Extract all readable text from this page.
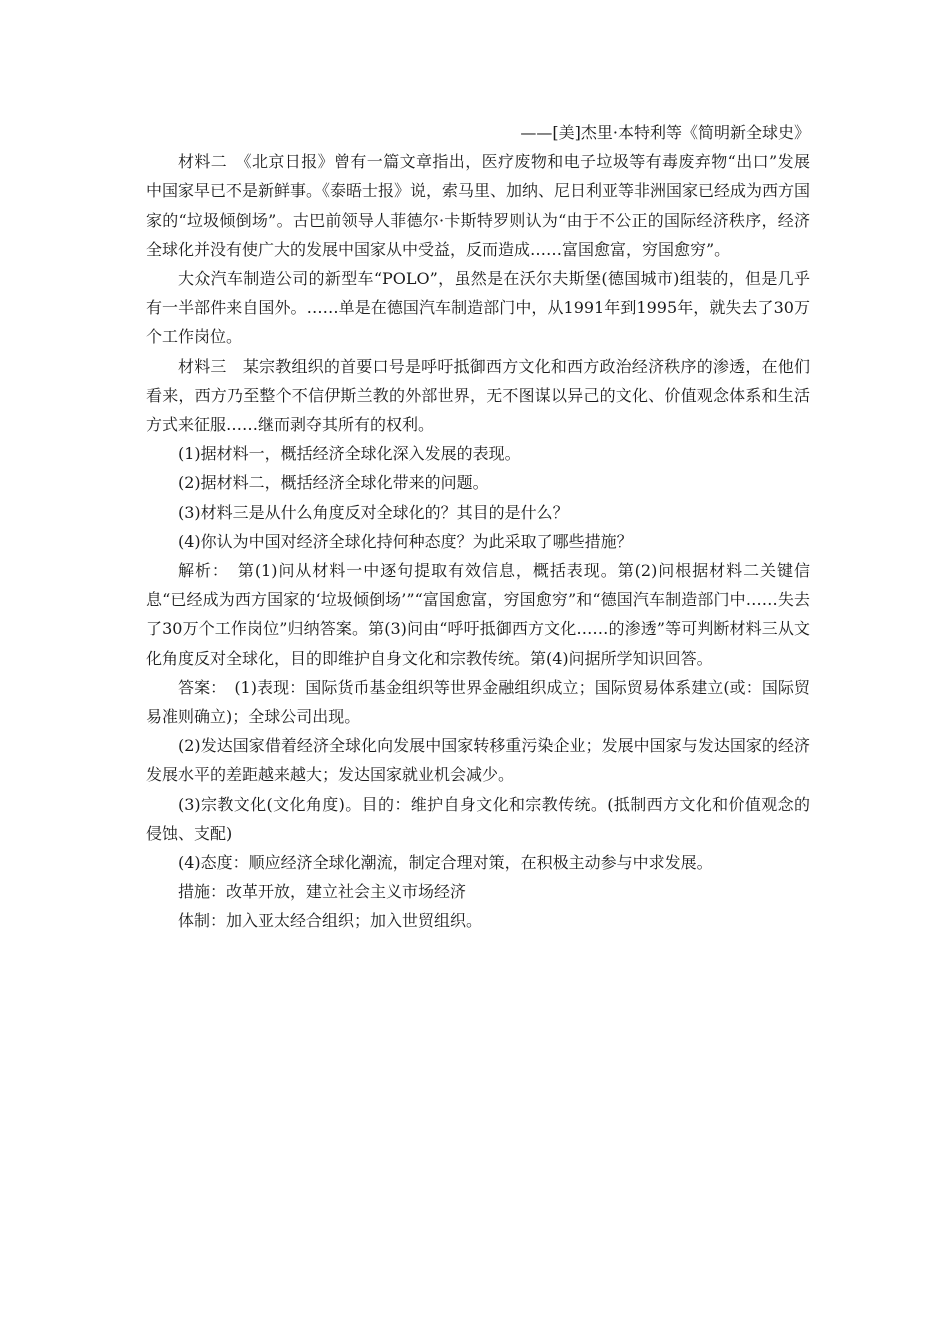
——[美]杰里·本特利等《简明新全球史》

材料二　《北京日报》曾有一篇文章指出，医疗废物和电子垃圾等有毒废弃物“出口”发展中国家早已不是新鲜事。《泰晤士报》说，索马里、加纳、尼日利亚等非洲国家已经成为西方国家的“垃圾倾倒场”。古巴前领导人菲德尔·卡斯特罗则认为“由于不公正的国际经济秩序，经济全球化并没有使广大的发展中国家从中受益，反而造成……富国愈富，穷国愈穷”。

大众汽车制造公司的新型车“POLO”，虽然是在沃尔夫斯堡(德国城市)组装的，但是几乎有一半部件来自国外。……单是在德国汽车制造部门中，从1991年到1995年，就失去了30万个工作岗位。

材料三　某宗教组织的首要口号是呼吁抵御西方文化和西方政治经济秩序的渗透，在他们看来，西方乃至整个不信伊斯兰教的外部世界，无不图谋以异己的文化、价值观念体系和生活方式来征服……继而剥夺其所有的权利。

(1)据材料一，概括经济全球化深入发展的表现。

(2)据材料二，概括经济全球化带来的问题。

(3)材料三是从什么角度反对全球化的？其目的是什么？

(4)你认为中国对经济全球化持何种态度？为此采取了哪些措施？

解析：　第(1)问从材料一中逐句提取有效信息，概括表现。第(2)问根据材料二关键信息“已经成为西方国家的‘垃圾倾倒场’”“富国愈富，穷国愈穷”和“德国汽车制造部门中……失去了30万个工作岗位”归纳答案。第(3)问由“呼吁抵御西方文化……的渗透”等可判断材料三从文化角度反对全球化，目的即维护自身文化和宗教传统。第(4)问据所学知识回答。

答案：　(1)表现：国际货币基金组织等世界金融组织成立；国际贸易体系建立(或：国际贸易准则确立)；全球公司出现。

(2)发达国家借着经济全球化向发展中国家转移重污染企业；发展中国家与发达国家的经济发展水平的差距越来越大；发达国家就业机会减少。

(3)宗教文化(文化角度)。目的：维护自身文化和宗教传统。(抵制西方文化和价值观念的侵蚀、支配)

(4)态度：顺应经济全球化潮流，制定合理对策，在积极主动参与中求发展。

措施：改革开放，建立社会主义市场经济

体制：加入亚太经合组织；加入世贸组织。
